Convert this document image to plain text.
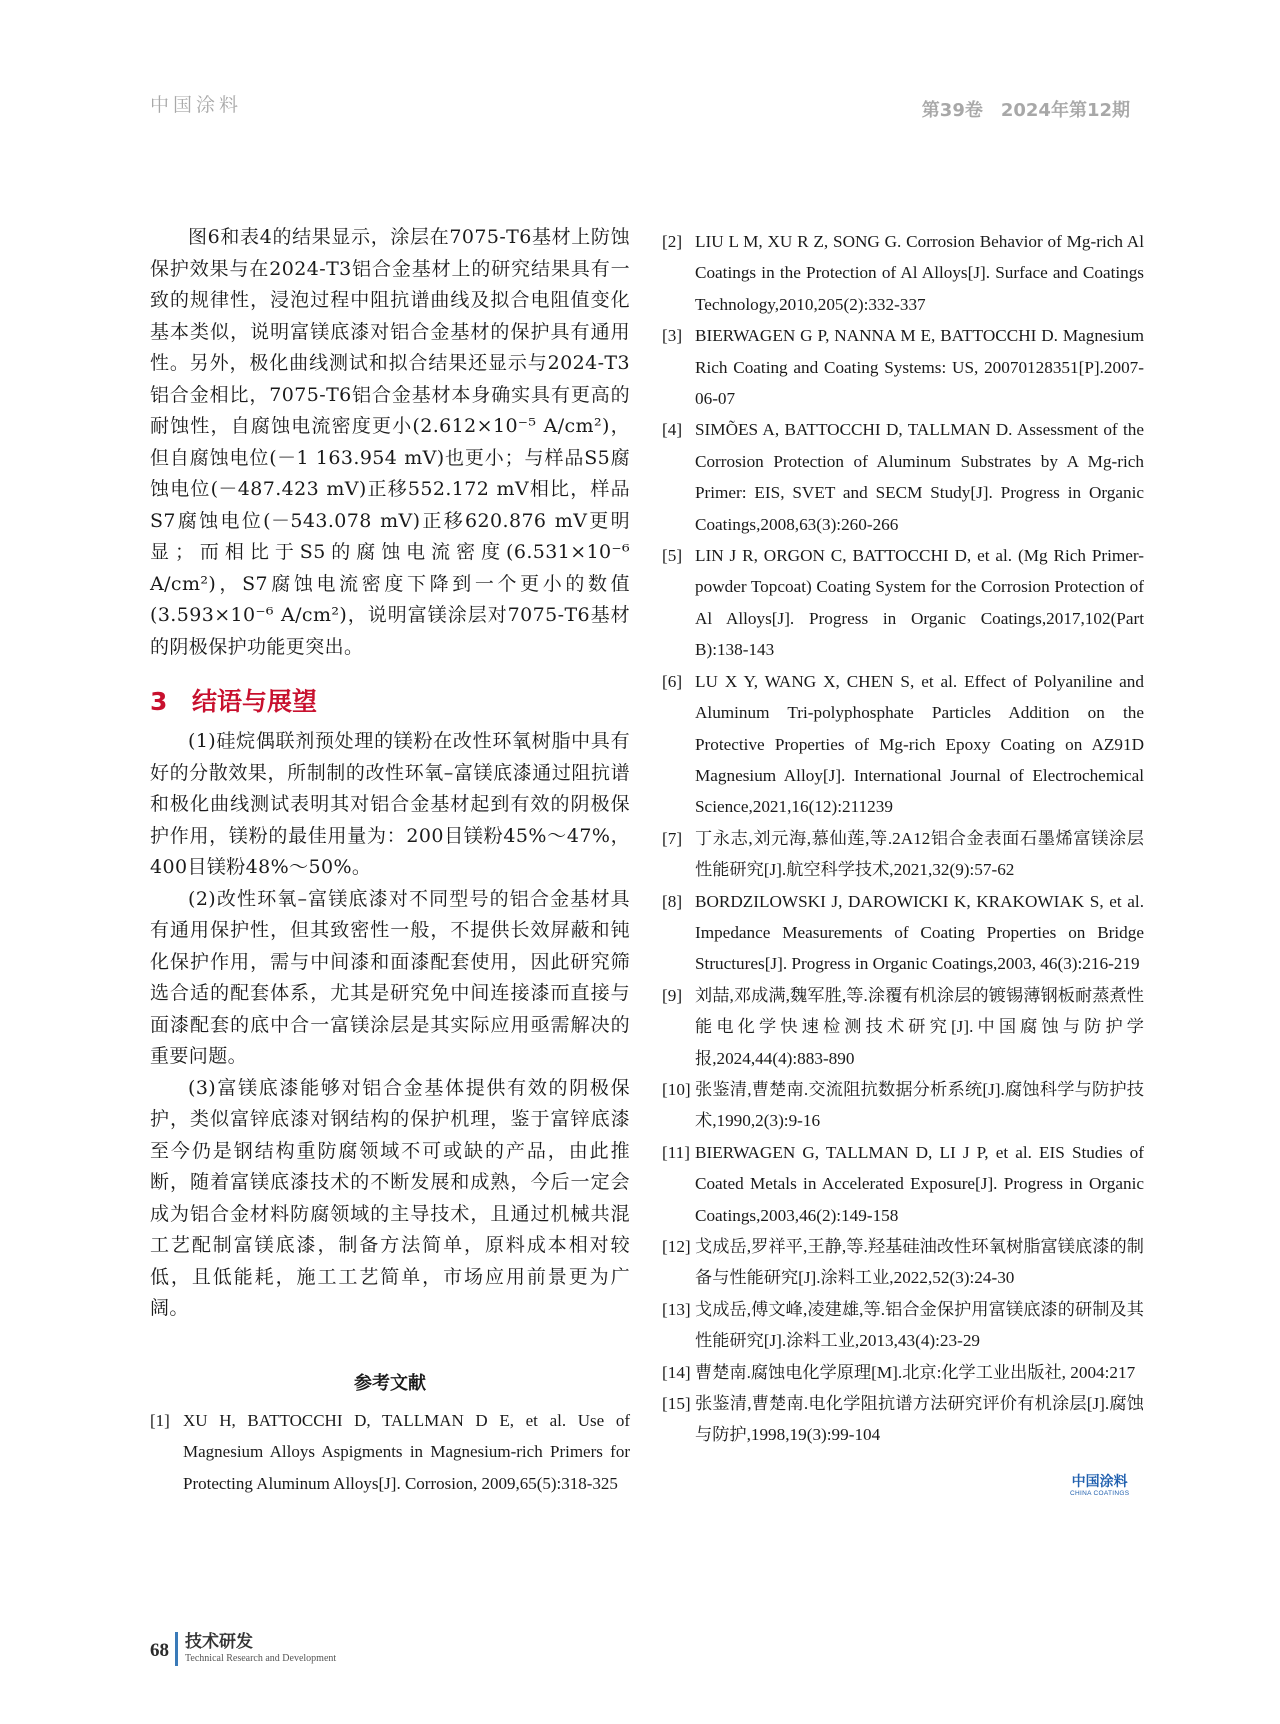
中国涂料	第39卷　2024年第12期

图6和表4的结果显示，涂层在7075-T6基材上防蚀保护效果与在2024-T3铝合金基材上的研究结果具有一致的规律性，浸泡过程中阻抗谱曲线及拟合电阻值变化基本类似，说明富镁底漆对铝合金基材的保护具有通用性。另外，极化曲线测试和拟合结果还显示与2024-T3铝合金相比，7075-T6铝合金基材本身确实具有更高的耐蚀性，自腐蚀电流密度更小(2.612×10⁻⁵ A/cm²)，但自腐蚀电位(－1 163.954 mV)也更小；与样品S5腐蚀电位(－487.423 mV)正移552.172 mV相比，样品S7腐蚀电位(－543.078 mV)正移620.876 mV更明显；而相比于S5的腐蚀电流密度(6.531×10⁻⁶ A/cm²)，S7腐蚀电流密度下降到一个更小的数值(3.593×10⁻⁶ A/cm²)，说明富镁涂层对7075-T6基材的阴极保护功能更突出。

3 结语与展望

(1)硅烷偶联剂预处理的镁粉在改性环氧树脂中具有好的分散效果，所制制的改性环氧–富镁底漆通过阻抗谱和极化曲线测试表明其对铝合金基材起到有效的阴极保护作用，镁粉的最佳用量为：200目镁粉45%～47%，400目镁粉48%～50%。

(2)改性环氧–富镁底漆对不同型号的铝合金基材具有通用保护性，但其致密性一般，不提供长效屏蔽和钝化保护作用，需与中间漆和面漆配套使用，因此研究筛选合适的配套体系，尤其是研究免中间连接漆而直接与面漆配套的底中合一富镁涂层是其实际应用亟需解决的重要问题。

(3)富镁底漆能够对铝合金基体提供有效的阴极保护，类似富锌底漆对钢结构的保护机理，鉴于富锌底漆至今仍是钢结构重防腐领域不可或缺的产品，由此推断，随着富镁底漆技术的不断发展和成熟，今后一定会成为铝合金材料防腐领域的主导技术，且通过机械共混工艺配制富镁底漆，制备方法简单，原料成本相对较低，且低能耗，施工工艺简单，市场应用前景更为广阔。

参考文献
[1] XU H, BATTOCCHI D, TALLMAN D E, et al. Use of Magnesium Alloys Aspigments in Magnesium-rich Primers for Protecting Aluminum Alloys[J]. Corrosion, 2009,65(5):318-325
[2] LIU L M, XU R Z, SONG G. Corrosion Behavior of Mg-rich Al Coatings in the Protection of Al Alloys[J]. Surface and Coatings Technology,2010,205(2):332-337
[3] BIERWAGEN G P, NANNA M E, BATTOCCHI D. Magnesium Rich Coating and Coating Systems: US, 20070128351[P].2007-06-07
[4] SIMÕES A, BATTOCCHI D, TALLMAN D. Assessment of the Corrosion Protection of Aluminum Substrates by A Mg-rich Primer: EIS, SVET and SECM Study[J]. Progress in Organic Coatings,2008,63(3):260-266
[5] LIN J R, ORGON C, BATTOCCHI D, et al. (Mg Rich Primer-powder Topcoat) Coating System for the Corrosion Protection of Al Alloys[J]. Progress in Organic Coatings,2017,102(Part B):138-143
[6] LU X Y, WANG X, CHEN S, et al. Effect of Polyaniline and Aluminum Tri-polyphosphate Particles Addition on the Protective Properties of Mg-rich Epoxy Coating on AZ91D Magnesium Alloy[J]. International Journal of Electrochemical Science,2021,16(12):211239
[7] 丁永志,刘元海,慕仙莲,等.2A12铝合金表面石墨烯富镁涂层性能研究[J].航空科学技术,2021,32(9):57-62
[8] BORDZILOWSKI J, DAROWICKI K, KRAKOWIAK S, et al. Impedance Measurements of Coating Properties on Bridge Structures[J]. Progress in Organic Coatings,2003, 46(3):216-219
[9] 刘喆,邓成满,魏军胜,等.涂覆有机涂层的镀锡薄钢板耐蒸煮性能电化学快速检测技术研究[J].中国腐蚀与防护学报,2024,44(4):883-890
[10] 张鉴清,曹楚南.交流阻抗数据分析系统[J].腐蚀科学与防护技术,1990,2(3):9-16
[11] BIERWAGEN G, TALLMAN D, LI J P, et al. EIS Studies of Coated Metals in Accelerated Exposure[J]. Progress in Organic Coatings,2003,46(2):149-158
[12] 戈成岳,罗祥平,王静,等.羟基硅油改性环氧树脂富镁底漆的制备与性能研究[J].涂料工业,2022,52(3):24-30
[13] 戈成岳,傅文峰,凌建雄,等.铝合金保护用富镁底漆的研制及其性能研究[J].涂料工业,2013,43(4):23-29
[14] 曹楚南.腐蚀电化学原理[M].北京:化学工业出版社, 2004:217
[15] 张鉴清,曹楚南.电化学阻抗谱方法研究评价有机涂层[J].腐蚀与防护,1998,19(3):99-104
中国涂料
CHINA COATINGS
68 技术研发
Technical Research and Development
